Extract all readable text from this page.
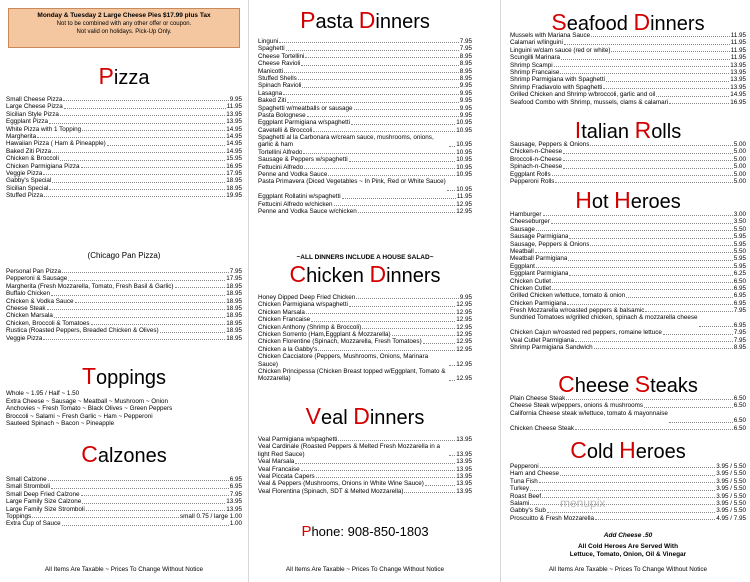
Monday & Tuesday 2 Large Cheese Pies $17.99 plus Tax
Not to be combined with any other offer or coupon.
Not valid on holidays. Pick-Up Only.
Pizza
Small Cheese Pizza	9.95
Large Cheese Pizza	11.95
Sicilian Style Pizza	13.95
Eggplant Pizza	13.95
White Pizza with 1 Topping	14.95
Margherita	14.95
Hawaiian Pizza ( Ham & Pineapple)	14.95
Baked Ziti Pizza	14.95
Chicken & Broccoli	15.95
Chicken Parmigiana Pizza	16.95
Veggie Pizza	17.95
Gabby's Special	18.95
Sicilian Special	18.95
Stuffed Pizza	19.95
(Chicago Pan Pizza)
Personal Pan Pizza	7.95
Pepperoni & Sausage	17.95
Margherita (Fresh Mozzarella, Tomato, Fresh Basil & Garlic)	18.95
Buffalo Chicken	18.95
Chicken & Vodka Sauce	18.95
Cheese Steak	18.95
Chicken Marsala	18.95
Chicken, Broccoli & Tomatoes	18.95
Rustica (Roasted Peppers, Breaded Chicken & Olives)	18.95
Veggie Pizza	18.95
Toppings
Whole ~ 1.95 / Half ~ 1.50
Extra Cheese ~ Sausage ~ Meatball ~ Mushroom ~ Onion
Anchovies ~ Fresh Tomato ~ Black Olives ~ Green Peppers
Broccoli ~ Salami ~ Fresh Garlic ~ Ham ~ Pepperoni
Sauteed Spinach ~ Bacon ~ Pineapple
Calzones
Small Calzone	6.95
Small Stromboli	6.95
Small Deep Fried Calzone	7.95
Large Family Size Calzone	13.95
Large Family Size Stromboli	13.95
Toppings	small 0.75 / large 1.00
Extra Cup of Sauce	1.00
All Items Are Taxable ~ Prices To Change Without Notice
Pasta Dinners
Linguni	7.95
Spaghetti	7.95
Cheese Tortellini	8.95
Cheese Ravioli	8.95
Manicotti	8.95
Stuffed Shells	8.95
Spinach Ravioli	9.95
Lasagna	9.95
Baked Ziti	9.95
Spaghetti w/meatballs or sausage	9.95
Pasta Bolognese	9.95
Eggplant Parmigiana w/spaghetti	10.95
Cavetelli & Broccoli	10.95
Spaghetti al la Carbonara w/cream sauce, mushrooms, onions, garlic & ham	10.95
Tortellini Alfredo	10.95
Sausage & Peppers w/spaghetti	10.95
Fettucini Alfredo	10.95
Penne and Vodka Sauce	10.95
Pasta Primavera (Diced Vegetables ~ In Pink, Red or White Sauce)
10.95
Eggplant Rollatini w/spaghetti	11.95
Fettucini Alfredo w/chicken	12.95
Penne and Vodka Sauce w/chicken	12.95
~ALL DINNERS INCLUDE A HOUSE SALAD~
Chicken Dinners
Honey Dipped Deep Fried Chicken	9.95
Chicken Parmigiana w/spaghetti	12.95
Chicken Marsala	12.95
Chicken Francaise	12.95
Chicken Anthony (Shrimp & Broccoli)	12.95
Chicken Sorrento (Ham,Eggplant & Mozzarella)	12.95
Chicken Florentine (Spinach, Mozzarella, Fresh Tomatoes)	12.95
Chicken a la Gabby's	12.95
Chicken Cacciatore (Peppers, Mushrooms, Onions, Marinara Sauce)	12.95
Chicken Principessa (Chicken Breast topped w/Eggplant, Tomato & Mozzarella)	12.95
Veal Dinners
Veal Parmigiana w/spaghetti	13.95
Veal Cardinale (Roasted Peppers & Melted Fresh Mozzarella in a light Red Sauce)	13.95
Veal Marsala	13.95
Veal Francaise	13.95
Veal Piccata Capers	13.95
Veal & Peppers (Mushrooms, Onions in White Wine Sauce)	13.95
Veal Florentina (Spinach, SDT & Melted Mozzarella)	13.95
Phone: 908-850-1803
All Items Are Taxable ~ Prices To Change Without Notice
Seafood Dinners
Mussels with Mariana Sauce	11.95
Calamari w/linguini	11.95
Linguini w/clam sauce (red or white)	11.95
Scungilli Marinara	11.95
Shrimp Scampi	13.95
Shrimp Francaise	13.95
Shrimp Parmigiana with Spaghetti	13.95
Shrimp Fradiavolo with Spaghetti	13.95
Grilled Chicken and Shrimp w/broccoli, garlic and oil	14.95
Seafood Combo with Shrimp, mussels, clams & calamari	16.95
Italian Rolls
Sausage, Peppers & Onions	5.00
Chicken-n-Cheese	5.00
Broccoli-n-Cheese	5.00
Spinach-n-Cheese	5.00
Eggplant Rolls	5.00
Pepperoni Rolls	5.00
Hot Heroes
Hamburger	3.00
Cheeseburger	3.50
Sausage	5.50
Sausage Parmigiana	5.95
Sausage, Peppers & Onions	5.95
Meatball	5.50
Meatball Parmigiana	5.95
Eggplant	5.95
Eggplant Parmigiana	6.25
Chicken Cutlet	6.50
Chicken Cutlet	6.95
Grilled Chicken w/lettuce, tomato & onion	6.95
Chicken Parmigiana	6.95
Fresh Mozzarella w/roasted peppers & balsamic	7.95
Sundried Tomatoes w/grilled chicken, spinach & mozzarella cheese
6.95
Chicken Cajun w/roasted red peppers, romaine lettuce	7.95
Veal Cutlet Parmigiana	7.95
Shrimp Parmigiana Sandwich	8.95
Cheese Steaks
Plain Cheese Steak	6.50
Cheese Steak w/peppers, onions & mushrooms	6.50
California Cheese steak w/lettuce, tomato & mayonnaise
6.50
Chicken Cheese Steak	6.50
Cold Heroes
Pepperoni	3.95 / 5.50
Ham and Cheese	3.95 / 5.50
Tuna Fish	3.95 / 5.50
Turkey	3.95 / 5.50
Roast Beef	3.95 / 5.50
Salami	3.95 / 5.50
Gabby's Sub	3.95 / 5.50
Proscuitto & Fresh Mozzarella	4.95 / 7.95
Add Cheese .50
All Cold Heroes Are Served With
Lettuce, Tomato, Onion, Oil & Vinegar
All Items Are Taxable ~ Prices To Change Without Notice
menupix
